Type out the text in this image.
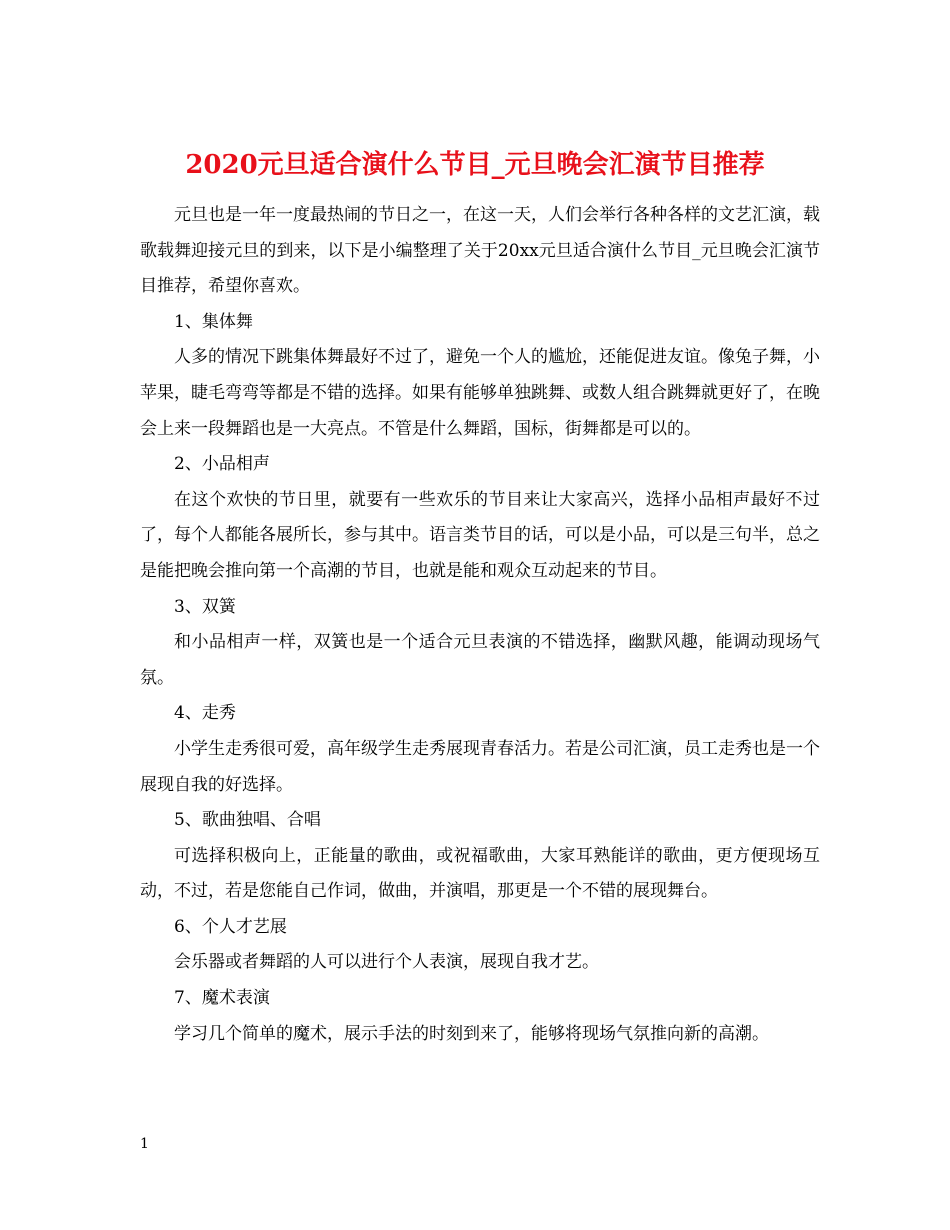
2020元旦适合演什么节目_元旦晚会汇演节目推荐

元旦也是一年一度最热闹的节日之一，在这一天，人们会举行各种各样的文艺汇演，载歌载舞迎接元旦的到来，以下是小编整理了关于20xx元旦适合演什么节目_元旦晚会汇演节目推荐，希望你喜欢。

1、集体舞

人多的情况下跳集体舞最好不过了，避免一个人的尴尬，还能促进友谊。像兔子舞，小苹果，睫毛弯弯等都是不错的选择。如果有能够单独跳舞、或数人组合跳舞就更好了，在晚会上来一段舞蹈也是一大亮点。不管是什么舞蹈，国标，街舞都是可以的。

2、小品相声

在这个欢快的节日里，就要有一些欢乐的节目来让大家高兴，选择小品相声最好不过了，每个人都能各展所长，参与其中。语言类节目的话，可以是小品，可以是三句半，总之是能把晚会推向第一个高潮的节目，也就是能和观众互动起来的节目。

3、双簧

和小品相声一样，双簧也是一个适合元旦表演的不错选择，幽默风趣，能调动现场气氛。

4、走秀

小学生走秀很可爱，高年级学生走秀展现青春活力。若是公司汇演，员工走秀也是一个展现自我的好选择。

5、歌曲独唱、合唱

可选择积极向上，正能量的歌曲，或祝福歌曲，大家耳熟能详的歌曲，更方便现场互动，不过，若是您能自己作词，做曲，并演唱，那更是一个不错的展现舞台。

6、个人才艺展

会乐器或者舞蹈的人可以进行个人表演，展现自我才艺。

7、魔术表演

学习几个简单的魔术，展示手法的时刻到来了，能够将现场气氛推向新的高潮。

1
